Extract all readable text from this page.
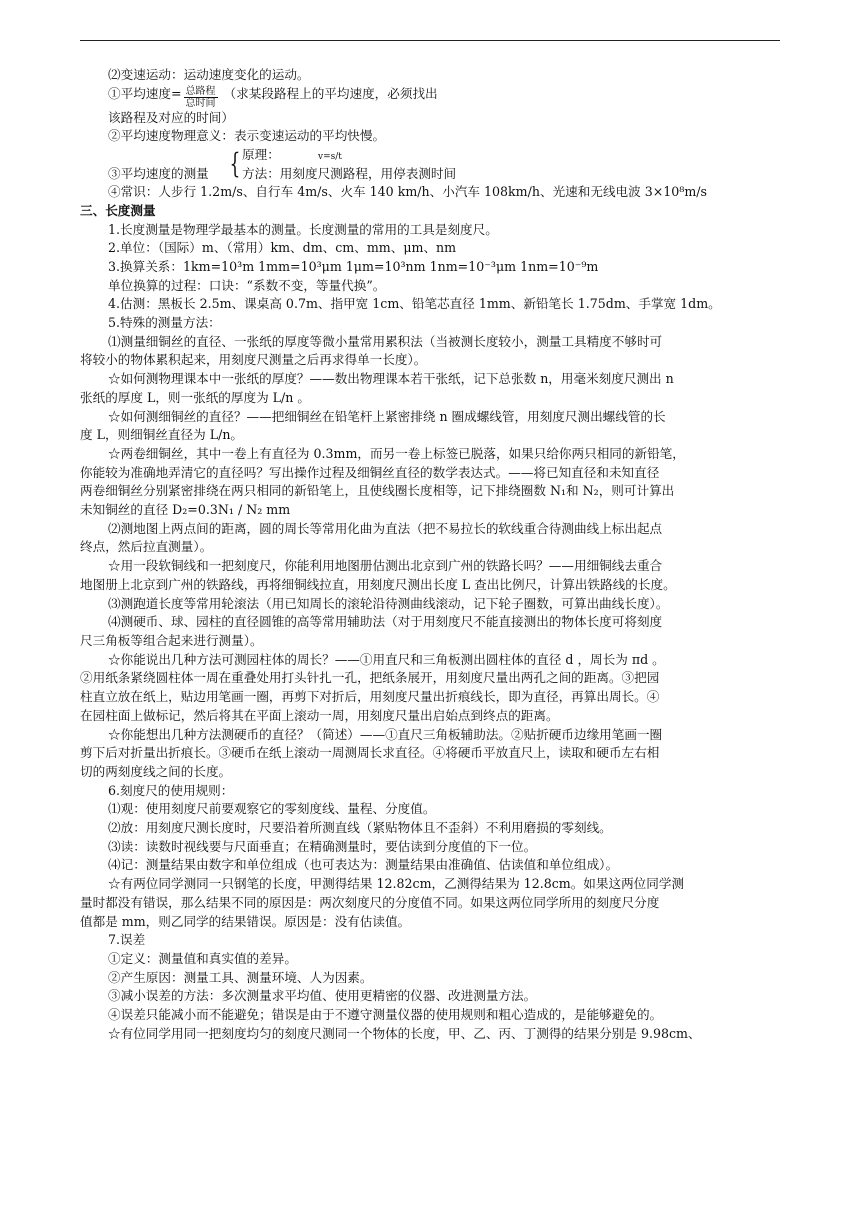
⑵变速运动：运动速度变化的运动。
①平均速度= $\frac{\text{总路程}}{\text{总时间}}$ （求某段路程上的平均速度，必须找出
该路程及对应的时间）
②平均速度物理意义：表示变速运动的平均快慢。
③平均速度的测量 { 原理：	v=s/t
方法：用刻度尺测路程，用停表测时间
④常识：人步行 1.2m/s、自行车 4m/s、火车 140 km/h、小汽车 108km/h、光速和无线电波 3×10⁸m/s
三、长度测量
1.长度测量是物理学最基本的测量。长度测量的常用的工具是刻度尺。
2.单位：（国际）m、（常用）km、dm、cm、mm、μm、nm
3.换算关系：1km=10³m 1mm=10³μm 1μm=10³nm 1nm=10⁻³μm 1nm=10⁻⁹m
单位换算的过程：口诀：“系数不变，等量代换”。
4.估测：黑板长 2.5m、课桌高 0.7m、指甲宽 1cm、铅笔芯直径 1mm、新铅笔长 1.75dm、手掌宽 1dm。
5.特殊的测量方法：
⑴测量细铜丝的直径、一张纸的厚度等微小量常用累积法（当被测长度较小，测量工具精度不够时可
将较小的物体累积起来，用刻度尺测量之后再求得单一长度）。
☆如何测物理课本中一张纸的厚度？——数出物理课本若干张纸，记下总张数 n，用毫米刻度尺测出 n
张纸的厚度 L，则一张纸的厚度为 L/n 。
☆如何测细铜丝的直径？——把细铜丝在铅笔杆上紧密排绕 n 圈成螺线管，用刻度尺测出螺线管的长
度 L，则细铜丝直径为 L/n。
☆两卷细铜丝，其中一卷上有直径为 0.3mm，而另一卷上标签已脱落，如果只给你两只相同的新铅笔，
你能较为准确地弄清它的直径吗？写出操作过程及细铜丝直径的数学表达式。——将已知直径和未知直径
两卷细铜丝分别紧密排绕在两只相同的新铅笔上，且使线圈长度相等，记下排绕圈数 N₁和 N₂，则可计算出
未知铜丝的直径 D₂=0.3N₁ / N₂ mm
⑵测地图上两点间的距离，圆的周长等常用化曲为直法（把不易拉长的软线重合待测曲线上标出起点
终点，然后拉直测量）。
☆用一段软铜线和一把刻度尺，你能利用地图册估测出北京到广州的铁路长吗？——用细铜线去重合
地图册上北京到广州的铁路线，再将细铜线拉直，用刻度尺测出长度 L 查出比例尺，计算出铁路线的长度。
⑶测跑道长度等常用轮滚法（用已知周长的滚轮沿待测曲线滚动，记下轮子圈数，可算出曲线长度）。
⑷测硬币、球、园柱的直径圆锥的高等常用辅助法（对于用刻度尺不能直接测出的物体长度可将刻度
尺三角板等组合起来进行测量）。
☆你能说出几种方法可测园柱体的周长？——①用直尺和三角板测出圆柱体的直径 d ，周长为 πd 。
②用纸条紧绕圆柱体一周在重叠处用打头针扎一孔，把纸条展开，用刻度尺量出两孔之间的距离。③把园
柱直立放在纸上，贴边用笔画一圈，再剪下对折后，用刻度尺量出折痕线长，即为直径，再算出周长。④
在园柱面上做标记，然后将其在平面上滚动一周，用刻度尺量出启始点到终点的距离。
☆你能想出几种方法测硬币的直径？（简述）——①直尺三角板辅助法。②贴折硬币边缘用笔画一圈
剪下后对折量出折痕长。③硬币在纸上滚动一周测周长求直径。④将硬币平放直尺上，读取和硬币左右相
切的两刻度线之间的长度。
6.刻度尺的使用规则：
⑴观：使用刻度尺前要观察它的零刻度线、量程、分度值。
⑵放：用刻度尺测长度时，尺要沿着所测直线（紧贴物体且不歪斜）不利用磨损的零刻线。
⑶读：读数时视线要与尺面垂直；在精确测量时，要估读到分度值的下一位。
⑷记：测量结果由数字和单位组成（也可表达为：测量结果由准确值、估读值和单位组成）。
☆有两位同学测同一只钢笔的长度，甲测得结果 12.82cm，乙测得结果为 12.8cm。如果这两位同学测
量时都没有错误，那么结果不同的原因是：两次刻度尺的分度值不同。如果这两位同学所用的刻度尺分度
值都是 mm，则乙同学的结果错误。原因是：没有估读值。
7.误差
①定义：测量值和真实值的差异。
②产生原因：测量工具、测量环境、人为因素。
③减小误差的方法：多次测量求平均值、使用更精密的仪器、改进测量方法。
④误差只能减小而不能避免；错误是由于不遵守测量仪器的使用规则和粗心造成的，是能够避免的。
☆有位同学用同一把刻度均匀的刻度尺测同一个物体的长度，甲、乙、丙、丁测得的结果分别是 9.98cm、
